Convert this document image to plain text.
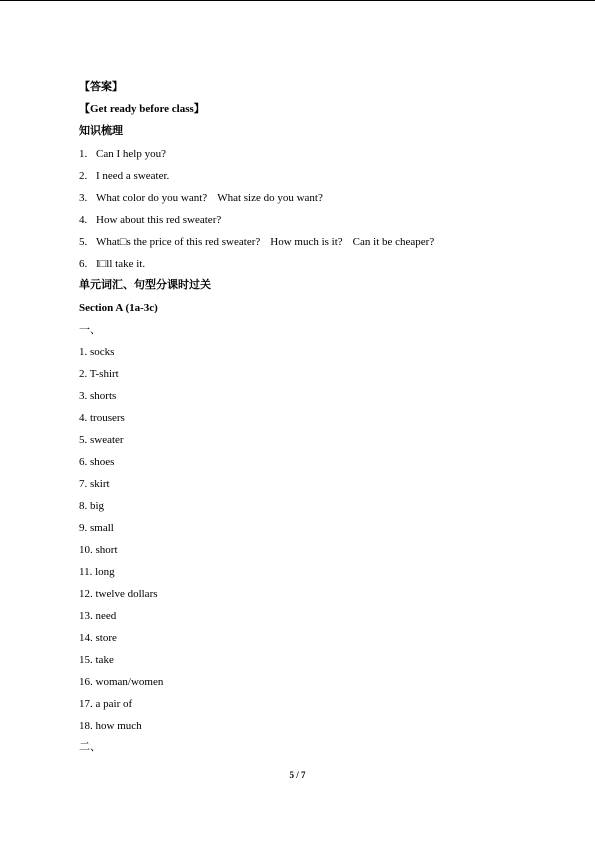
【答案】
【Get ready before class】
知识梳理
1. Can I help you?
2. I need a sweater.
3. What color do you want? What size do you want?
4. How about this red sweater?
5. What□s the price of this red sweater? How much is it? Can it be cheaper?
6. I□ll take it.
单元词汇、句型分课时过关
Section A (1a-3c)
一、
1. socks
2. T-shirt
3. shorts
4. trousers
5. sweater
6. shoes
7. skirt
8. big
9. small
10. short
11. long
12. twelve dollars
13. need
14. store
15. take
16. woman/women
17. a pair of
18. how much
二、
5 / 7
